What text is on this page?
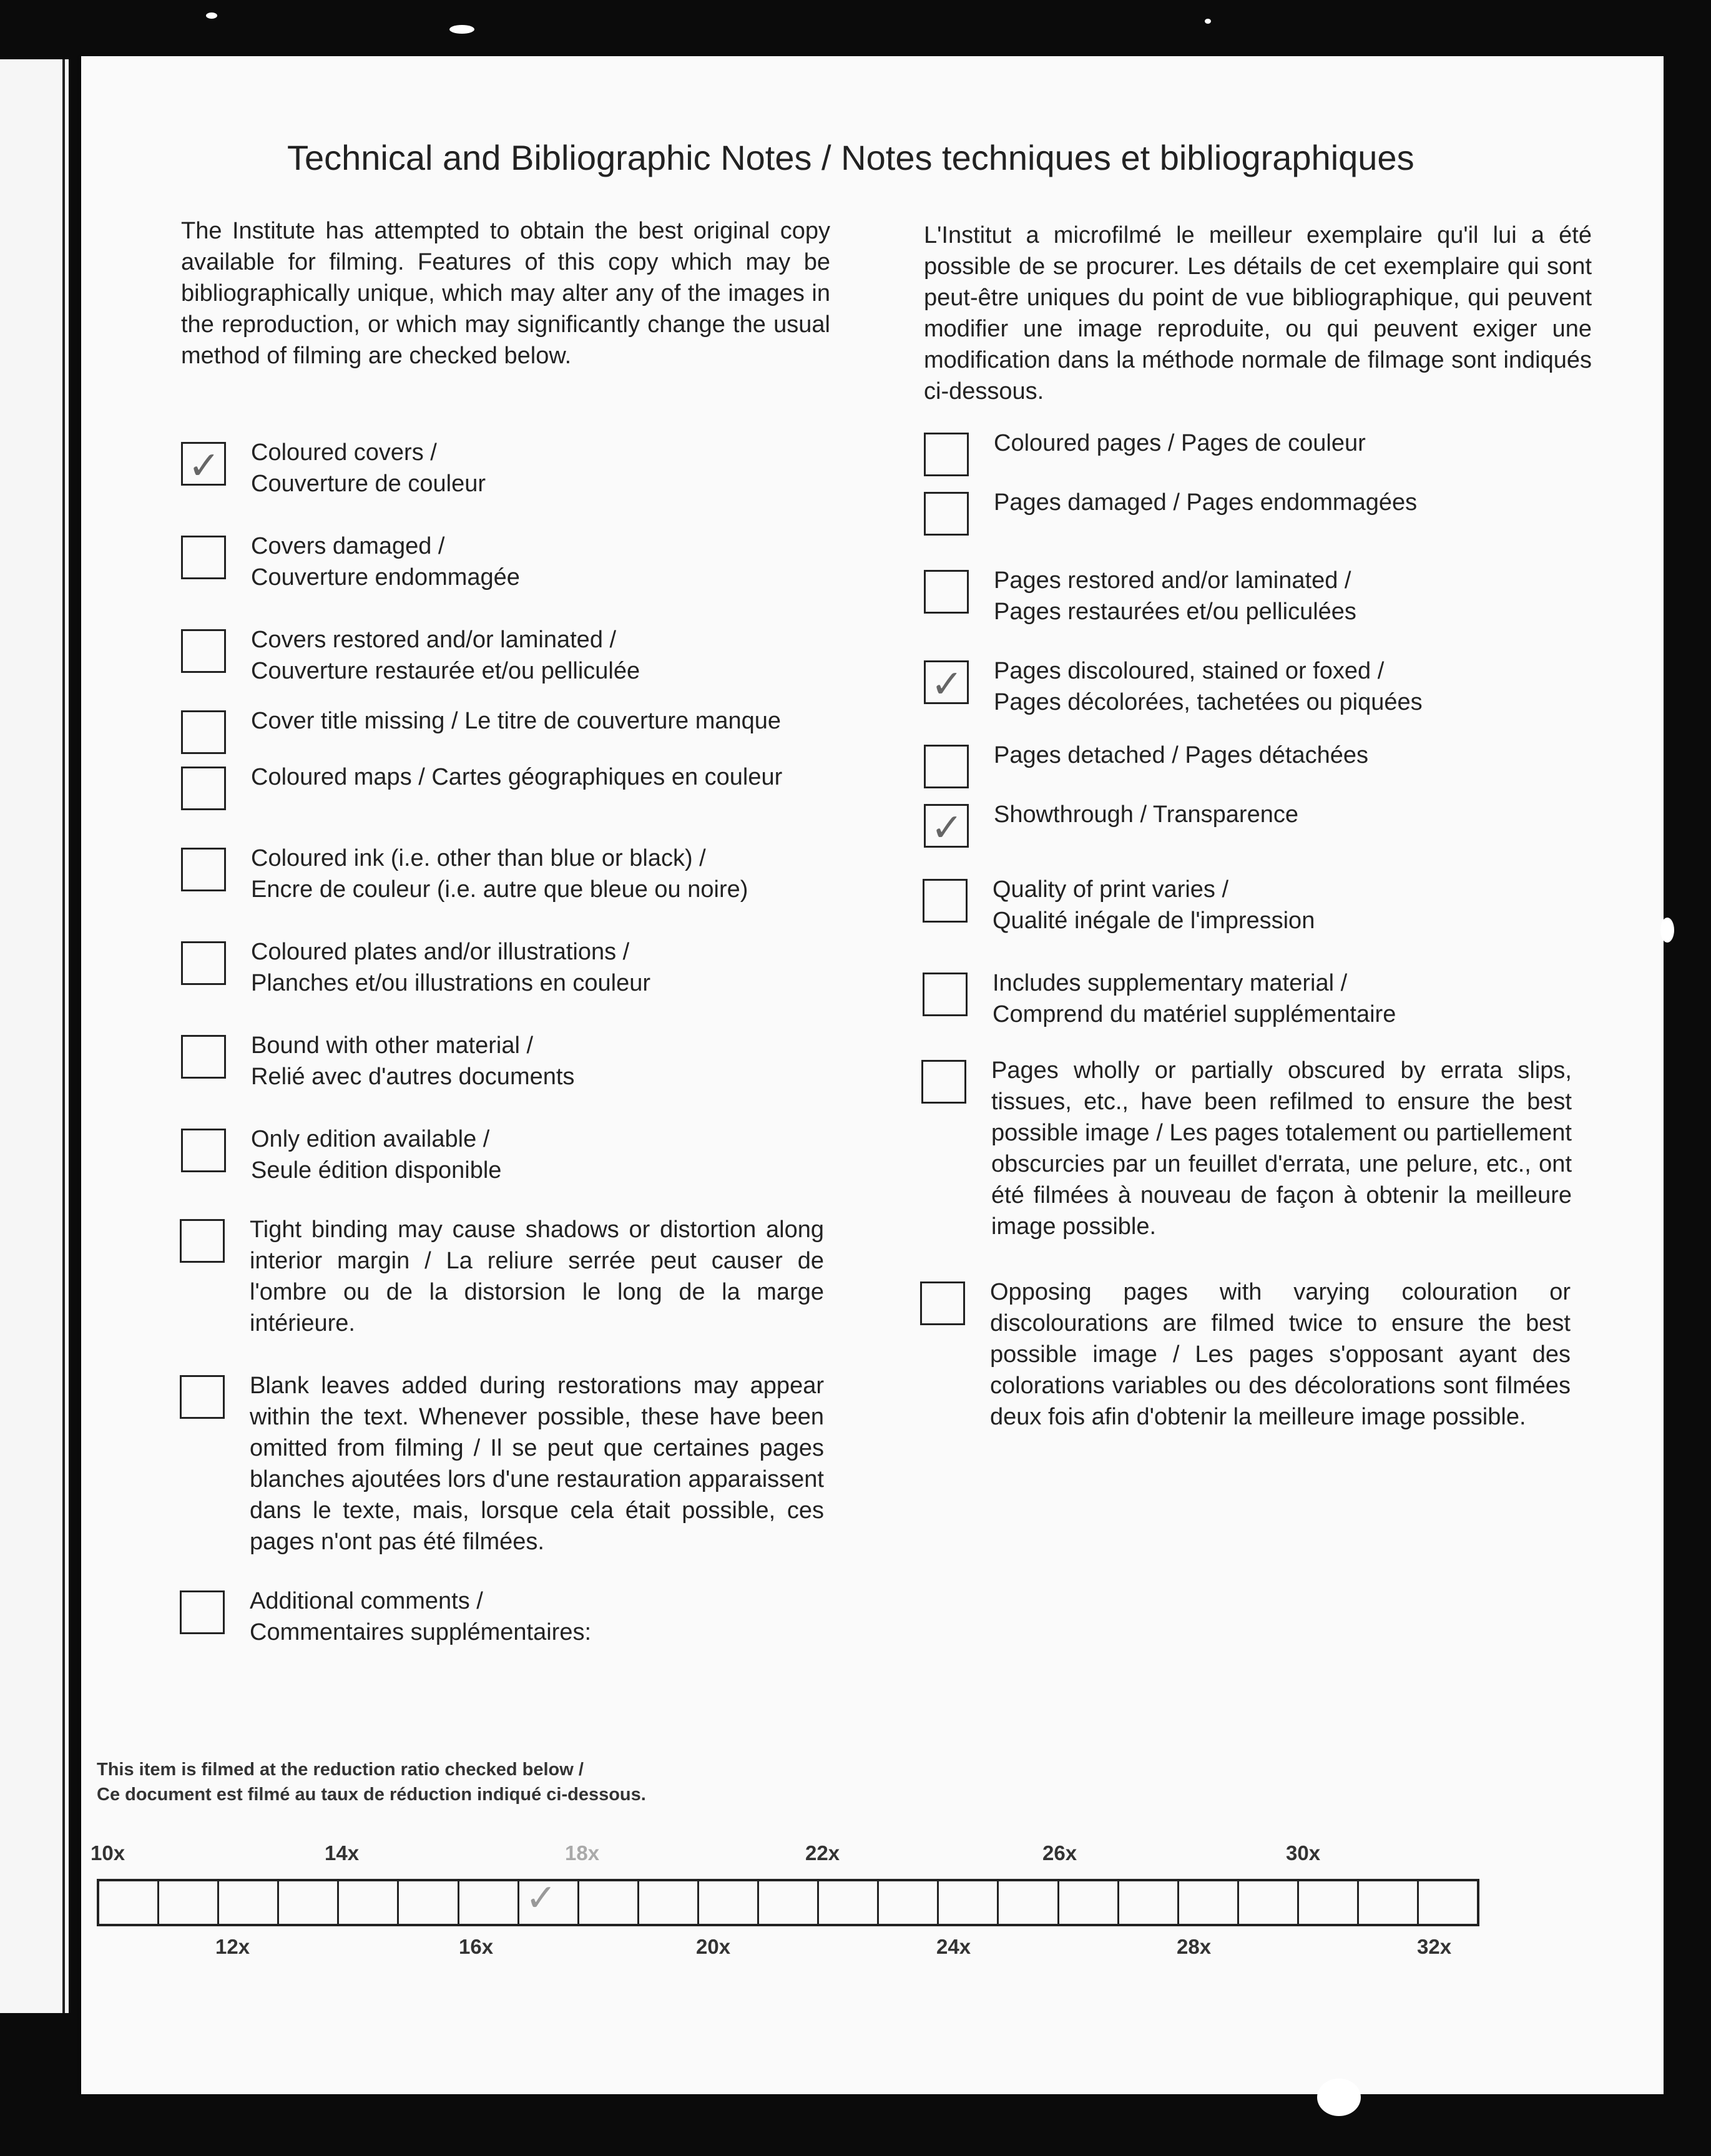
Technical and Bibliographic Notes / Notes techniques et bibliographiques
The Institute has attempted to obtain the best original copy available for filming. Features of this copy which may be bibliographically unique, which may alter any of the images in the reproduction, or which may significantly change the usual method of filming are checked below.
L'Institut a microfilmé le meilleur exemplaire qu'il lui a été possible de se procurer. Les détails de cet exemplaire qui sont peut-être uniques du point de vue bibliographique, qui peuvent modifier une image reproduite, ou qui peuvent exiger une modification dans la méthode normale de filmage sont indiqués ci-dessous.
✓ Coloured covers /
Couverture de couleur
Covers damaged /
Couverture endommagée
Covers restored and/or laminated /
Couverture restaurée et/ou pelliculée
Cover title missing / Le titre de couverture manque
Coloured maps / Cartes géographiques en couleur
Coloured ink (i.e. other than blue or black) /
Encre de couleur (i.e. autre que bleue ou noire)
Coloured plates and/or illustrations /
Planches et/ou illustrations en couleur
Bound with other material /
Relié avec d'autres documents
Only edition available /
Seule édition disponible
Tight binding may cause shadows or distortion along interior margin / La reliure serrée peut causer de l'ombre ou de la distorsion le long de la marge intérieure.
Blank leaves added during restorations may appear within the text. Whenever possible, these have been omitted from filming / Il se peut que certaines pages blanches ajoutées lors d'une restauration apparaissent dans le texte, mais, lorsque cela était possible, ces pages n'ont pas été filmées.
Additional comments /
Commentaires supplémentaires:
Coloured pages / Pages de couleur
Pages damaged / Pages endommagées
Pages restored and/or laminated /
Pages restaurées et/ou pelliculées
✓ Pages discoloured, stained or foxed /
Pages décolorées, tachetées ou piquées
Pages detached / Pages détachées
✓ Showthrough / Transparence
Quality of print varies /
Qualité inégale de l'impression
Includes supplementary material /
Comprend du matériel supplémentaire
Pages wholly or partially obscured by errata slips, tissues, etc., have been refilmed to ensure the best possible image / Les pages totalement ou partiellement obscurcies par un feuillet d'errata, une pelure, etc., ont été filmées à nouveau de façon à obtenir la meilleure image possible.
Opposing pages with varying colouration or discolourations are filmed twice to ensure the best possible image / Les pages s'opposant ayant des colorations variables ou des décolorations sont filmées deux fois afin d'obtenir la meilleure image possible.
This item is filmed at the reduction ratio checked below /
Ce document est filmé au taux de réduction indiqué ci-dessous.
10x	14x	18x	22x	26x	30x
12x	16x	20x	24x	28x	32x
✓
